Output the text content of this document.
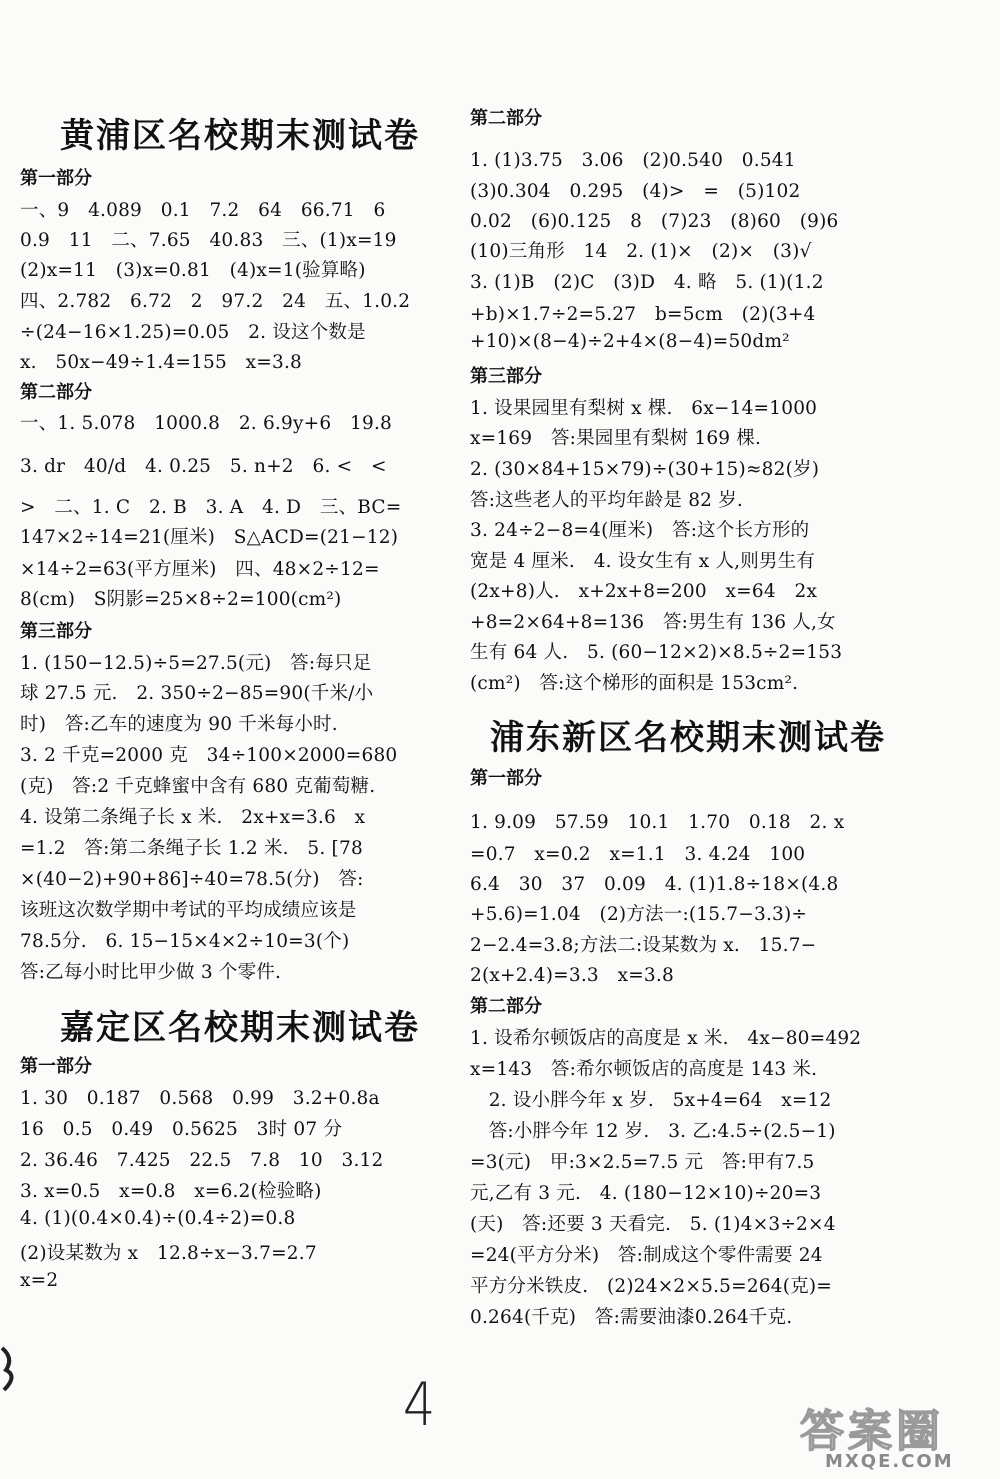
黄浦区名校期末测试卷
第一部分
一、9　4.089　0.1　7.2　64　66.71　6
0.9　11　二、7.65　40.83　三、(1)x=19
(2)x=11　(3)x=0.81　(4)x=1(验算略)
四、2.782　6.72　2　97.2　24　五、1.0.2
÷(24−16×1.25)=0.05　2. 设这个数是
x.　50x−49÷1.4=155　x=3.8
第二部分
一、1. 5.078　1000.8　2. 6.9y+6　19.8
3. dr　40/d　4. 0.25　5. n+2　6. <　<
>　二、1. C　2. B　3. A　4. D　三、BC=
147×2÷14=21(厘米)　S△ACD=(21−12)
×14÷2=63(平方厘米)　四、48×2÷12=
8(cm)　S阴影=25×8÷2=100(cm²)
第三部分
1. (150−12.5)÷5=27.5(元)　答:每只足
球 27.5 元.　2. 350÷2−85=90(千米/小
时)　答:乙车的速度为 90 千米每小时.
3. 2 千克=2000 克　34÷100×2000=680
(克)　答:2 千克蜂蜜中含有 680 克葡萄糖.
4. 设第二条绳子长 x 米.　2x+x=3.6　x
=1.2　答:第二条绳子长 1.2 米.　5. [78
×(40−2)+90+86]÷40=78.5(分)　答:
该班这次数学期中考试的平均成绩应该是
78.5分.　6. 15−15×4×2÷10=3(个)
答:乙每小时比甲少做 3 个零件.
嘉定区名校期末测试卷
第一部分
1. 30　0.187　0.568　0.99　3.2+0.8a
16　0.5　0.49　0.5625　3时 07 分
2. 36.46　7.425　22.5　7.8　10　3.12
3. x=0.5　x=0.8　x=6.2(检验略)
4. (1)(0.4×0.4)÷(0.4÷2)=0.8
(2)设某数为 x　12.8÷x−3.7=2.7
x=2
第二部分
1. (1)3.75　3.06　(2)0.540　0.541
(3)0.304　0.295　(4)>　=　(5)102
0.02　(6)0.125　8　(7)23　(8)60　(9)6
(10)三角形　14　2. (1)×　(2)×　(3)√
3. (1)B　(2)C　(3)D　4. 略　5. (1)(1.2
+b)×1.7÷2=5.27　b=5cm　(2)(3+4
+10)×(8−4)÷2+4×(8−4)=50dm²
第三部分
1. 设果园里有梨树 x 棵.　6x−14=1000
x=169　答:果园里有梨树 169 棵.
2. (30×84+15×79)÷(30+15)≈82(岁)
答:这些老人的平均年龄是 82 岁.
3. 24÷2−8=4(厘米)　答:这个长方形的
宽是 4 厘米.　4. 设女生有 x 人,则男生有
(2x+8)人.　x+2x+8=200　x=64　2x
+8=2×64+8=136　答:男生有 136 人,女
生有 64 人.　5. (60−12×2)×8.5÷2=153
(cm²)　答:这个梯形的面积是 153cm².
浦东新区名校期末测试卷
第一部分
1. 9.09　57.59　10.1　1.70　0.18　2. x
=0.7　x=0.2　x=1.1　3. 4.24　100
6.4　30　37　0.09　4. (1)1.8÷18×(4.8
+5.6)=1.04　(2)方法一:(15.7−3.3)÷
2−2.4=3.8;方法二:设某数为 x.　15.7−
2(x+2.4)=3.3　x=3.8
第二部分
1. 设希尔顿饭店的高度是 x 米.　4x−80=492
x=143　答:希尔顿饭店的高度是 143 米.
　2. 设小胖今年 x 岁.　5x+4=64　x=12
　答:小胖今年 12 岁.　3. 乙:4.5÷(2.5−1)
=3(元)　甲:3×2.5=7.5 元　答:甲有7.5
元,乙有 3 元.　4. (180−12×10)÷20=3
(天)　答:还要 3 天看完.　5. (1)4×3÷2×4
=24(平方分米)　答:制成这个零件需要 24
平方分米铁皮.　(2)24×2×5.5=264(克)=
0.264(千克)　答:需要油漆0.264千克.
4	答案圈
MXQE.COM
